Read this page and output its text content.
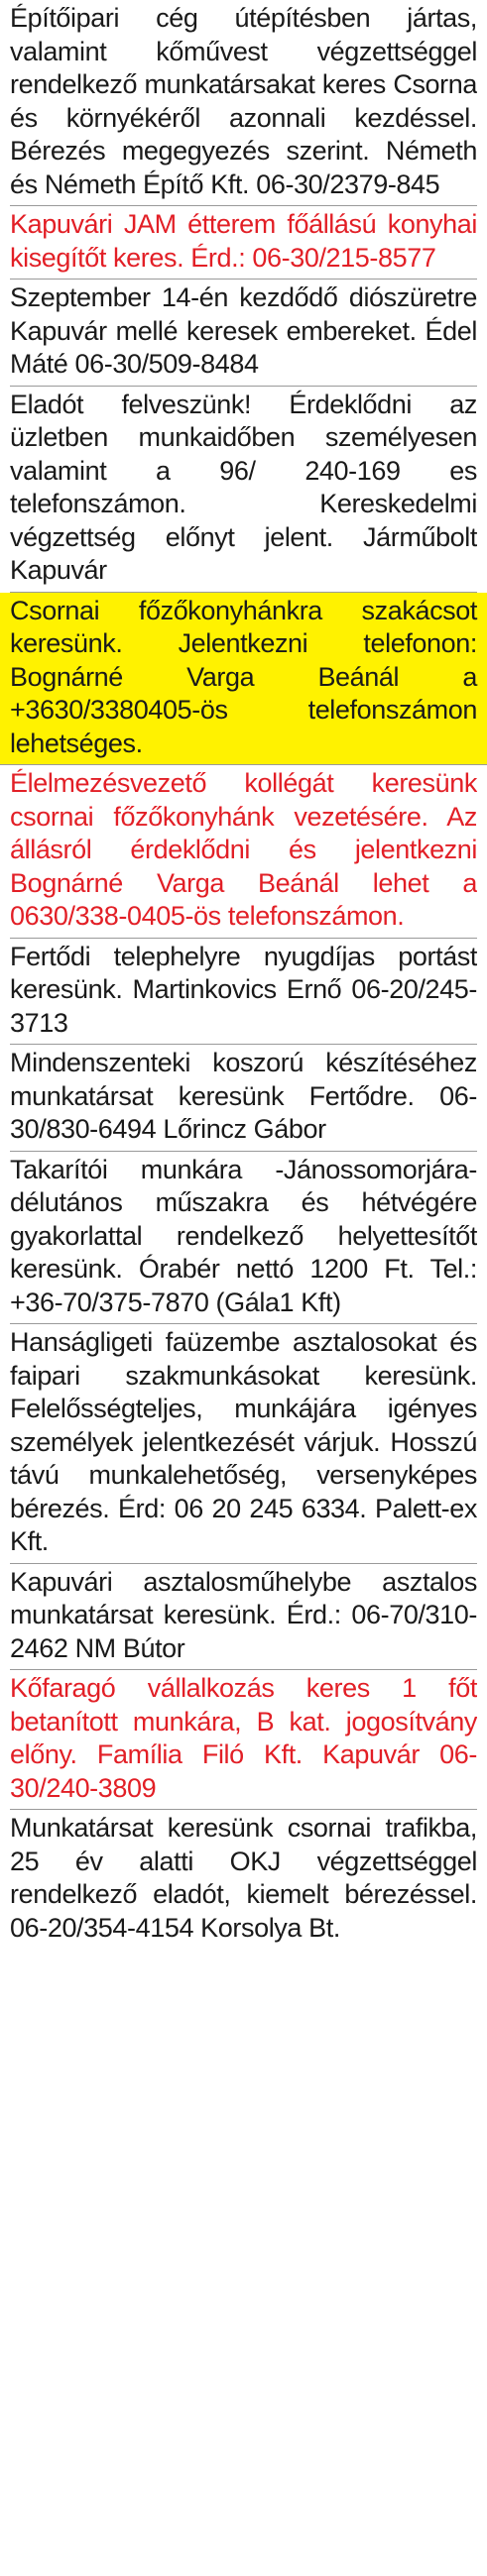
Építőipari cég útépítésben jártas, valamint kőművest végzettséggel rendelkező munkatársakat keres Csorna és környékéről azonnali kezdéssel. Bérezés megegyezés szerint. Németh és Németh Építő Kft. 06-30/2379-845

Kapuvári JAM étterem főállású konyhai kisegítőt keres. Érd.: 06-30/215-8577

Szeptember 14-én kezdődő diószüretre Kapuvár mellé keresek embereket. Édel Máté 06-30/509-8484

Eladót felveszünk! Érdeklődni az üzletben munkaidőben személyesen valamint a 96/ 240-169 es telefonszámon. Kereskedelmi végzettség előnyt jelent. Járműbolt Kapuvár

Csornai főzőkonyhánkra szakácsot keresünk. Jelentkezni telefonon: Bognárné Varga Beánál a +3630/3380405-ös telefonszámon lehetséges.

Élelmezésvezető kollégát keresünk csornai főzőkonyhánk vezetésére. Az állásról érdeklődni és jelentkezni Bognárné Varga Beánál lehet a 0630/338-0405-ös telefonszámon.

Fertődi telephelyre nyugdíjas portást keresünk. Martinkovics Ernő 06-20/245-3713

Mindenszenteki koszorú készítéséhez munkatársat keresünk Fertődre. 06-30/830-6494 Lőrincz Gábor

Takarítói munkára -Jánossomorjára- délutános műszakra és hétvégére gyakorlattal rendelkező helyettesítőt keresünk. Órabér nettó 1200 Ft. Tel.: +36-70/375-7870 (Gála1 Kft)

Hanságligeti faüzembe asztalosokat és faipari szakmunkásokat keresünk. Felelősségteljes, munkájára igényes személyek jelentkezését várjuk. Hosszú távú munkalehetőség, versenyképes bérezés. Érd: 06 20 245 6334. Palett-ex Kft.

Kapuvári asztalosműhelybe asztalos munkatársat keresünk. Érd.: 06-70/310-2462 NM Bútor

Kőfaragó vállalkozás keres 1 főt betanított munkára, B kat. jogosítvány előny. Família Filó Kft. Kapuvár 06-30/240-3809

Munkatársat keresünk csornai trafikba, 25 év alatti OKJ végzettséggel rendelkező eladót, kiemelt bérezéssel. 06-20/354-4154 Korsolya Bt.
